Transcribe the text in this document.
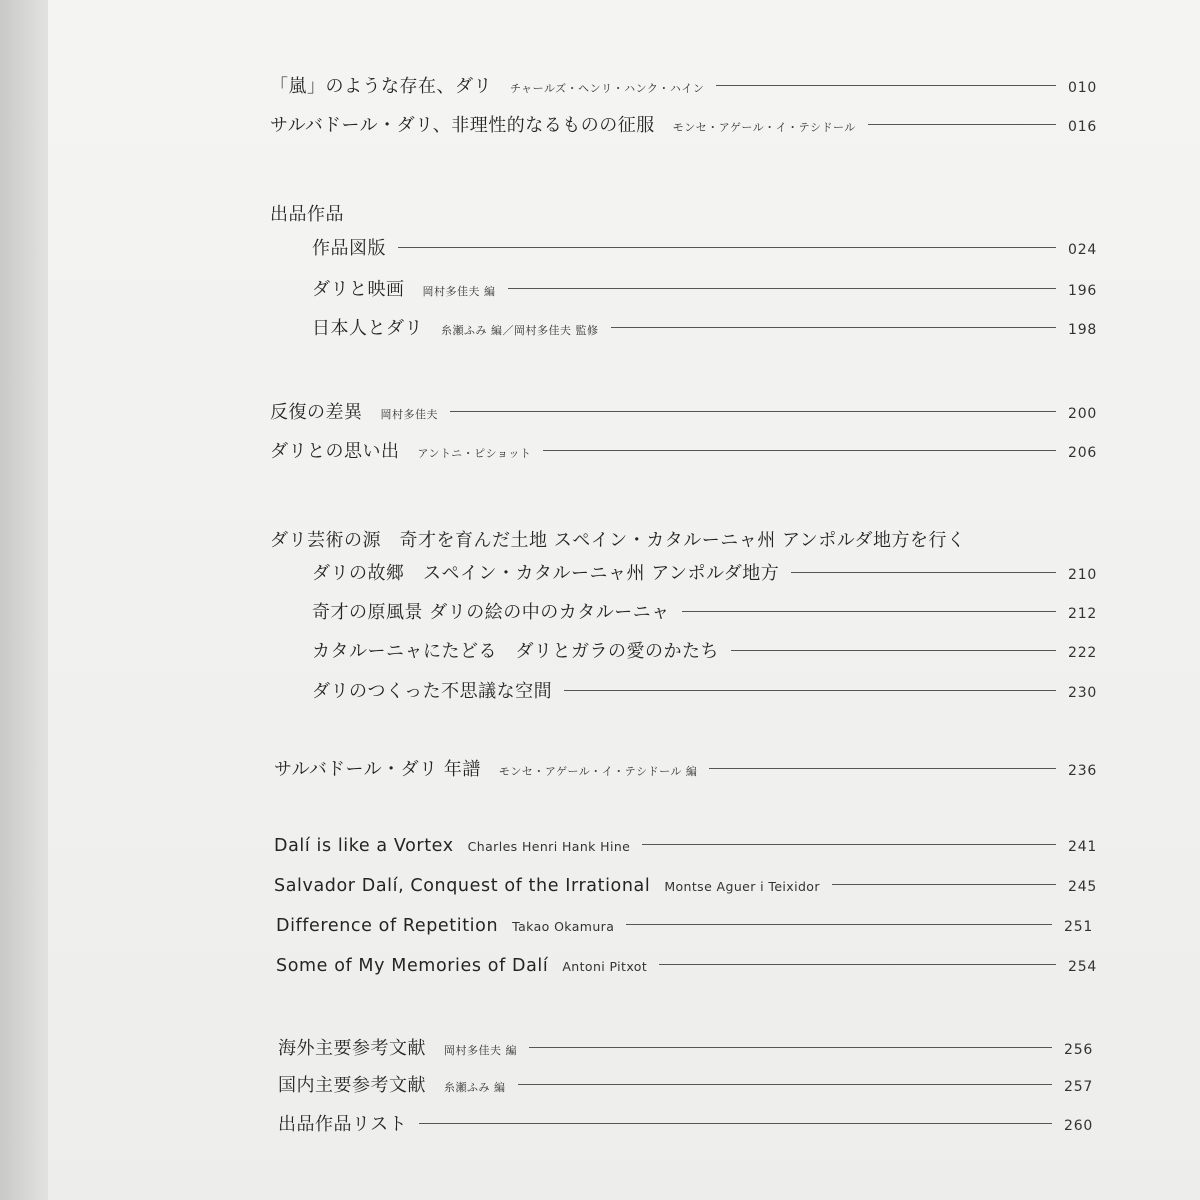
「嵐」のような存在、ダリ チャールズ・ヘンリ・ハンク・ハイン	010
サルバドール・ダリ、非理性的なるものの征服 モンセ・アゲール・イ・テシドール	016
出品作品
作品図版	024
ダリと映画 岡村多佳夫 編	196
日本人とダリ 糸瀬ふみ 編／岡村多佳夫 監修	198
反復の差異 岡村多佳夫	200
ダリとの思い出 アントニ・ピショット	206
ダリ芸術の源　奇才を育んだ土地 スペイン・カタルーニャ州 アンポルダ地方を行く
ダリの故郷　スペイン・カタルーニャ州 アンポルダ地方	210
奇才の原風景 ダリの絵の中のカタルーニャ	212
カタルーニャにたどる　ダリとガラの愛のかたち	222
ダリのつくった不思議な空間	230
サルバドール・ダリ 年譜 モンセ・アゲール・イ・テシドール 編	236
Dalí is like a Vortex Charles Henri Hank Hine	241
Salvador Dalí, Conquest of the Irrational Montse Aguer i Teixidor	245
Difference of Repetition Takao Okamura	251
Some of My Memories of Dalí Antoni Pitxot	254
海外主要参考文献 岡村多佳夫 編	256
国内主要参考文献 糸瀬ふみ 編	257
出品作品リスト	260
